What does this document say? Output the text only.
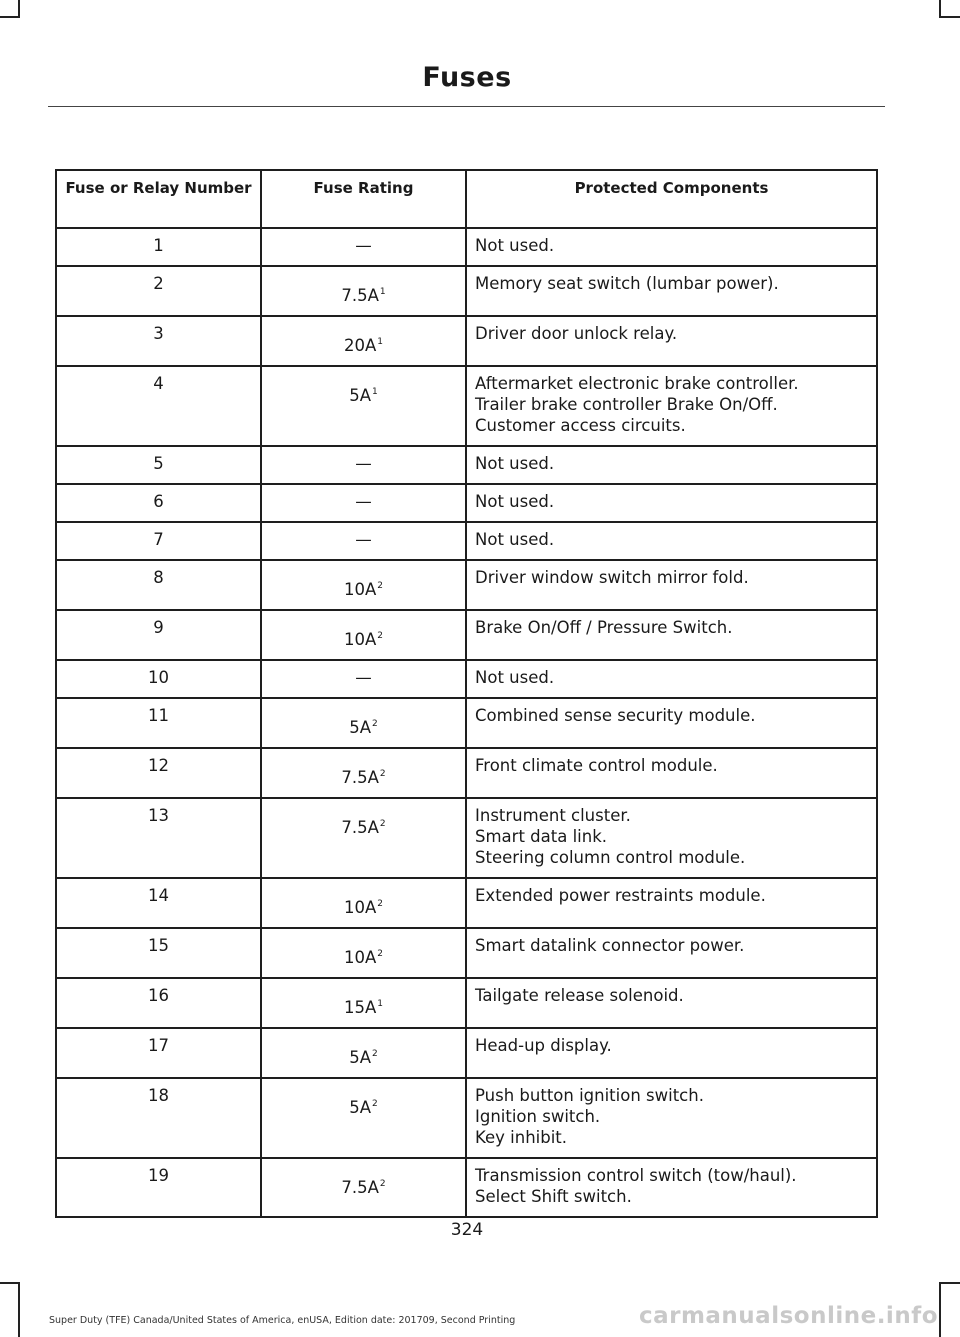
Fuses
Fuse or Relay Number	Fuse Rating	Protected Components
1	—	Not used.

2	$7.5A^1$	Memory seat switch (lumbar power).

3	$20A^1$	Driver door unlock relay.

4	$5A^1$	Aftermarket electronic brake controller.
Trailer brake controller Brake On/Off.
Customer access circuits.

5	—	Not used.

6	—	Not used.

7	—	Not used.

8	$10A^2$	Driver window switch mirror fold.

9	$10A^2$	Brake On/Off / Pressure Switch.

10	—	Not used.

11	$5A^2$	Combined sense security module.

12	$7.5A^2$	Front climate control module.

13	$7.5A^2$	Instrument cluster.
Smart data link.
Steering column control module.

14	$10A^2$	Extended power restraints module.

15	$10A^2$	Smart datalink connector power.

16	$15A^1$	Tailgate release solenoid.

17	$5A^2$	Head-up display.

18	$5A^2$	Push button ignition switch.
Ignition switch.
Key inhibit.

19	$7.5A^2$	Transmission control switch (tow/haul).
Select Shift switch.
324
Super Duty (TFE) Canada/United States of America, enUSA, Edition date: 201709, Second Printing	carmanualsonline.info
